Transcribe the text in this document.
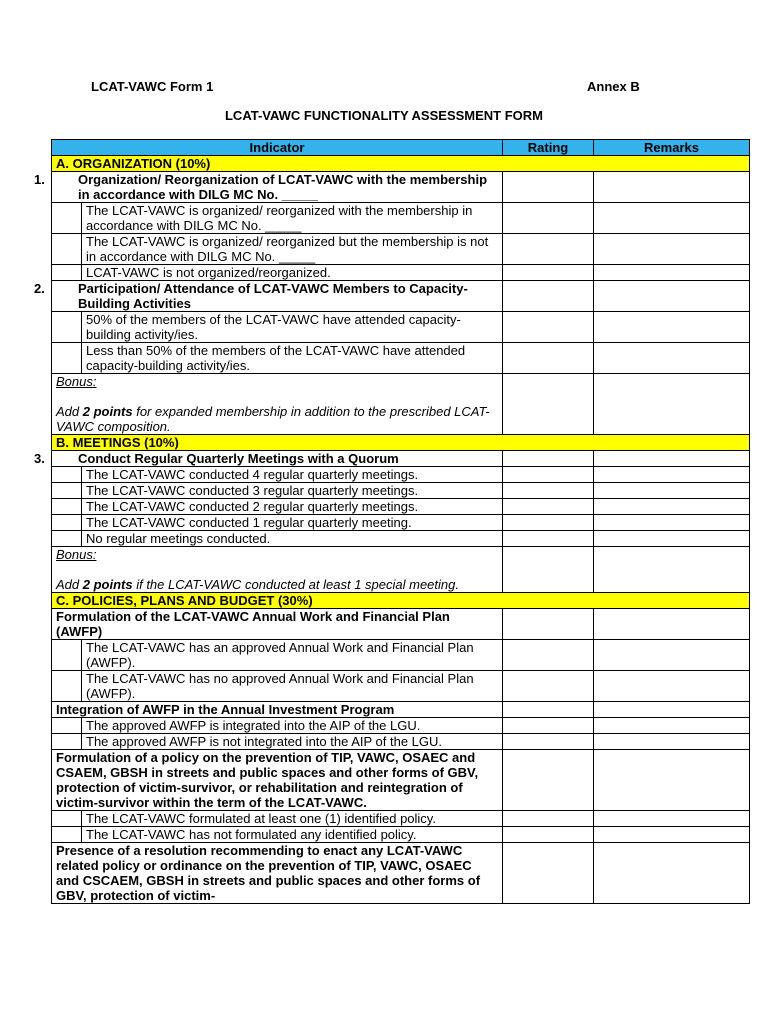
LCAT-VAWC Form 1	Annex B
LCAT-VAWC FUNCTIONALITY ASSESSMENT FORM
Indicator		Rating	Remarks
A. ORGANIZATION (10%)			
1. Organization/ Reorganization of LCAT-VAWC with the membership in accordance with DILG MC No. _____			
	The LCAT-VAWC is organized/ reorganized with the membership in accordance with DILG MC No. _____		
	The LCAT-VAWC is organized/ reorganized but the membership is not in accordance with DILG MC No. _____		
	LCAT-VAWC is not organized/reorganized.		
2. Participation/ Attendance of LCAT-VAWC Members to Capacity-Building Activities			
	50% of the members of the LCAT-VAWC have attended capacity-building activity/ies.		
	Less than 50% of the members of the LCAT-VAWC have attended capacity-building activity/ies.		

Bonus:
Add 2 points for expanded membership in addition to the prescribed LCAT-VAWC composition.			

B. MEETINGS (10%)			
3. Conduct Regular Quarterly Meetings with a Quorum			
	The LCAT-VAWC conducted 4 regular quarterly meetings.		
	The LCAT-VAWC conducted 3 regular quarterly meetings.		
	The LCAT-VAWC conducted 2 regular quarterly meetings.		
	The LCAT-VAWC conducted 1 regular quarterly meeting.		
	No regular meetings conducted.		

Bonus:
Add 2 points if the LCAT-VAWC conducted at least 1 special meeting.			

C. POLICIES, PLANS AND BUDGET (30%)			
Formulation of the LCAT-VAWC Annual Work and Financial Plan (AWFP)			
	The LCAT-VAWC has an approved Annual Work and Financial Plan (AWFP).		
	The LCAT-VAWC has no approved Annual Work and Financial Plan (AWFP).		
Integration of AWFP in the Annual Investment Program			
	The approved AWFP is integrated into the AIP of the LGU.		
	The approved AWFP is not integrated into the AIP of the LGU.		
Formulation of a policy on the prevention of TIP, VAWC, OSAEC and CSAEM, GBSH in streets and public spaces and other forms of GBV, protection of victim-survivor, or rehabilitation and reintegration of victim-survivor within the term of the LCAT-VAWC.			
	The LCAT-VAWC formulated at least one (1) identified policy.		
	The LCAT-VAWC has not formulated any identified policy.		
Presence of a resolution recommending to enact any LCAT-VAWC related policy or ordinance on the prevention of TIP, VAWC, OSAEC and CSCAEM, GBSH in streets and public spaces and other forms of GBV, protection of victim-			
